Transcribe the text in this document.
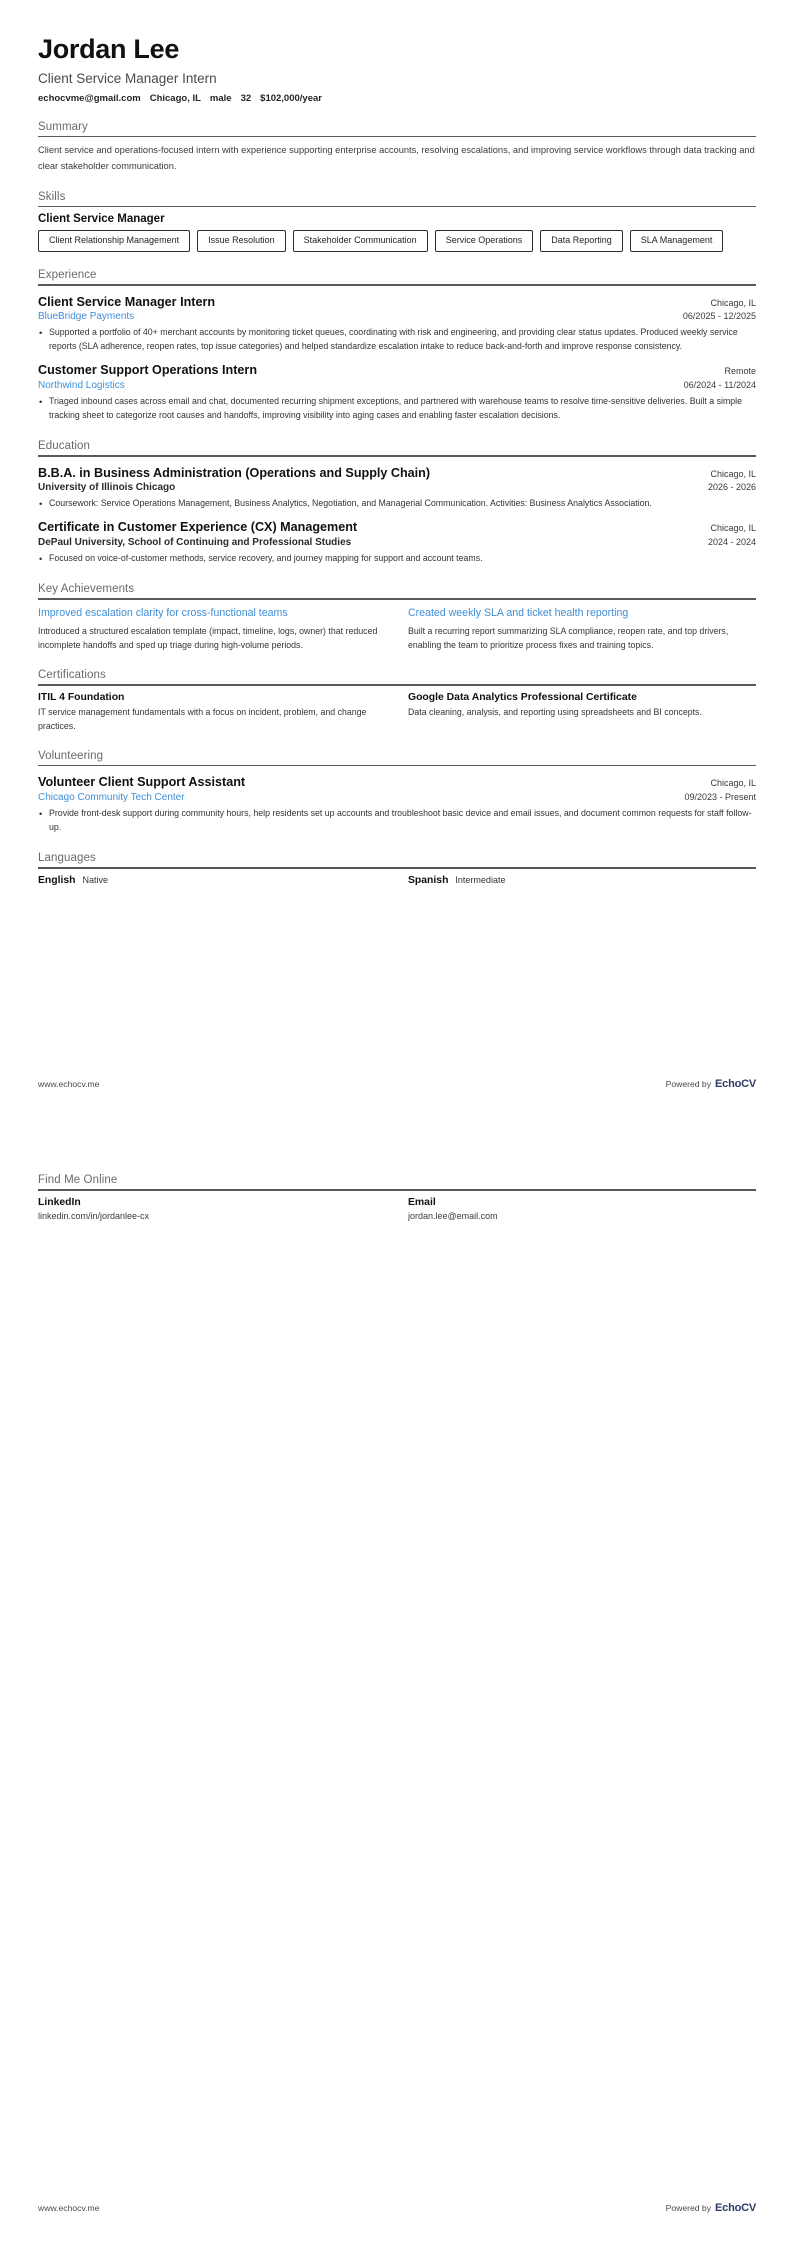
Jordan Lee
Client Service Manager Intern
echocvme@gmail.com Chicago, IL male 32 $102,000/year
Summary

Client service and operations-focused intern with experience supporting enterprise accounts, resolving escalations, and improving service workflows through data tracking and clear stakeholder communication.

Skills
Client Service Manager
Client Relationship Management	Issue Resolution	Stakeholder Communication	Service Operations	Data Reporting	SLA Management
Experience
Client Service Manager Intern	Chicago, IL
BlueBridge Payments	06/2025 - 12/2025
• Supported a portfolio of 40+ merchant accounts by monitoring ticket queues, coordinating with risk and engineering, and providing clear status updates. Produced weekly service reports (SLA adherence, reopen rates, top issue categories) and helped standardize escalation intake to reduce back-and-forth and improve response consistency.
Customer Support Operations Intern	Remote
Northwind Logistics	06/2024 - 11/2024
• Triaged inbound cases across email and chat, documented recurring shipment exceptions, and partnered with warehouse teams to resolve time-sensitive deliveries. Built a simple tracking sheet to categorize root causes and handoffs, improving visibility into aging cases and enabling faster escalation decisions.
Education
B.B.A. in Business Administration (Operations and Supply Chain)	Chicago, IL
University of Illinois Chicago	2026 - 2026
• Coursework: Service Operations Management, Business Analytics, Negotiation, and Managerial Communication. Activities: Business Analytics Association.
Certificate in Customer Experience (CX) Management	Chicago, IL
DePaul University, School of Continuing and Professional Studies	2024 - 2024
• Focused on voice-of-customer methods, service recovery, and journey mapping for support and account teams.
Key Achievements
Improved escalation clarity for cross-functional teams
Introduced a structured escalation template (impact, timeline, logs, owner) that reduced incomplete handoffs and sped up triage during high-volume periods.
Created weekly SLA and ticket health reporting
Built a recurring report summarizing SLA compliance, reopen rate, and top drivers, enabling the team to prioritize process fixes and training topics.
Certifications
ITIL 4 Foundation
IT service management fundamentals with a focus on incident, problem, and change practices.
Google Data Analytics Professional Certificate
Data cleaning, analysis, and reporting using spreadsheets and BI concepts.
Volunteering
Volunteer Client Support Assistant	Chicago, IL
Chicago Community Tech Center	09/2023 - Present
• Provide front-desk support during community hours, help residents set up accounts and troubleshoot basic device and email issues, and document common requests for staff follow-up.
Languages
English Native	Spanish Intermediate
www.echocv.me	Powered by EchoCV
Find Me Online
LinkedIn
linkedin.com/in/jordanlee-cx
Email
jordan.lee@email.com
www.echocv.me	Powered by EchoCV
